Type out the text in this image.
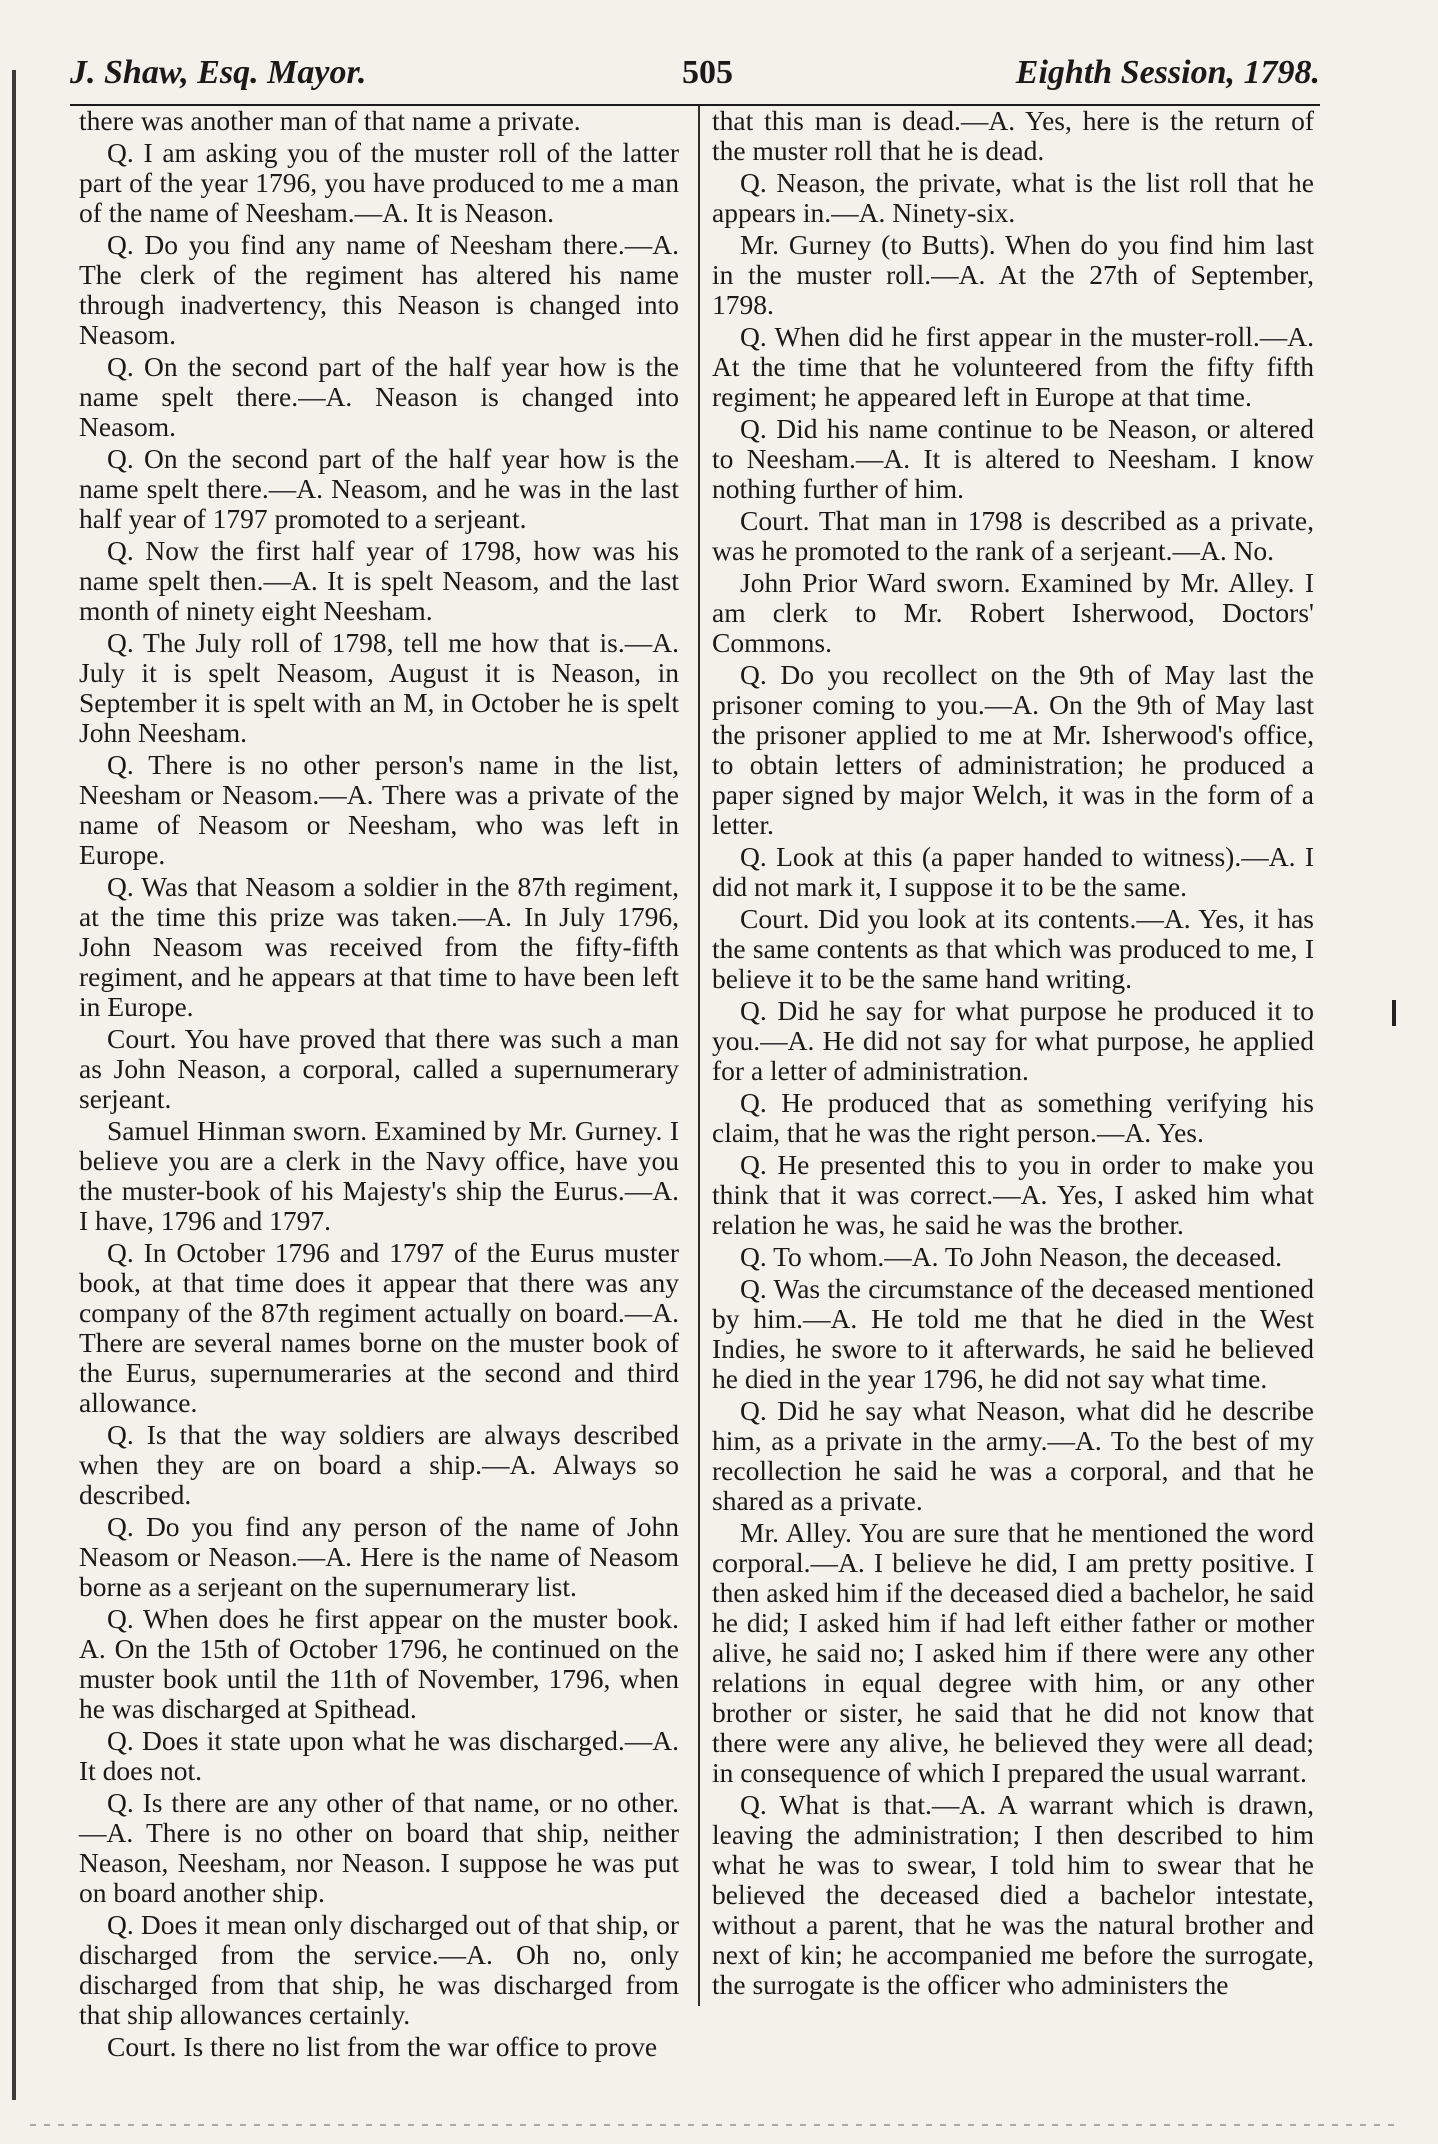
J. Shaw, Esq. Mayor.	505	Eighth Session, 1798.

there was another man of that name a private.

Q. I am asking you of the muster roll of the latter part of the year 1796, you have produced to me a man of the name of Neesham.—A. It is Neason.

Q. Do you find any name of Neesham there.—A. The clerk of the regiment has altered his name through inadvertency, this Neason is changed into Neasom.

Q. On the second part of the half year how is the name spelt there.—A. Neason is changed into Neasom.

Q. On the second part of the half year how is the name spelt there.—A. Neasom, and he was in the last half year of 1797 promoted to a serjeant.

Q. Now the first half year of 1798, how was his name spelt then.—A. It is spelt Neasom, and the last month of ninety eight Neesham.

Q. The July roll of 1798, tell me how that is.—A. July it is spelt Neasom, August it is Neason, in September it is spelt with an M, in October he is spelt John Neesham.

Q. There is no other person's name in the list, Neesham or Neasom.—A. There was a private of the name of Neasom or Neesham, who was left in Europe.

Q. Was that Neasom a soldier in the 87th regiment, at the time this prize was taken.—A. In July 1796, John Neasom was received from the fifty-fifth regiment, and he appears at that time to have been left in Europe.

Court. You have proved that there was such a man as John Neason, a corporal, called a supernumerary serjeant.

Samuel Hinman sworn. Examined by Mr. Gurney. I believe you are a clerk in the Navy office, have you the muster-book of his Majesty's ship the Eurus.—A. I have, 1796 and 1797.

Q. In October 1796 and 1797 of the Eurus muster book, at that time does it appear that there was any company of the 87th regiment actually on board.—A. There are several names borne on the muster book of the Eurus, supernumeraries at the second and third allowance.

Q. Is that the way soldiers are always described when they are on board a ship.—A. Always so described.

Q. Do you find any person of the name of John Neasom or Neason.—A. Here is the name of Neasom borne as a serjeant on the supernumerary list.

Q. When does he first appear on the muster book. A. On the 15th of October 1796, he continued on the muster book until the 11th of November, 1796, when he was discharged at Spithead.

Q. Does it state upon what he was discharged.—A. It does not.

Q. Is there are any other of that name, or no other.—A. There is no other on board that ship, neither Neason, Neesham, nor Neason. I suppose he was put on board another ship.

Q. Does it mean only discharged out of that ship, or discharged from the service.—A. Oh no, only discharged from that ship, he was discharged from that ship allowances certainly.

Court. Is there no list from the war office to prove

that this man is dead.—A. Yes, here is the return of the muster roll that he is dead.

Q. Neason, the private, what is the list roll that he appears in.—A. Ninety-six.

Mr. Gurney (to Butts). When do you find him last in the muster roll.—A. At the 27th of September, 1798.

Q. When did he first appear in the muster-roll.—A. At the time that he volunteered from the fifty fifth regiment; he appeared left in Europe at that time.

Q. Did his name continue to be Neason, or altered to Neesham.—A. It is altered to Neesham. I know nothing further of him.

Court. That man in 1798 is described as a private, was he promoted to the rank of a serjeant.—A. No.

John Prior Ward sworn. Examined by Mr. Alley. I am clerk to Mr. Robert Isherwood, Doctors' Commons.

Q. Do you recollect on the 9th of May last the prisoner coming to you.—A. On the 9th of May last the prisoner applied to me at Mr. Isherwood's office, to obtain letters of administration; he produced a paper signed by major Welch, it was in the form of a letter.

Q. Look at this (a paper handed to witness).—A. I did not mark it, I suppose it to be the same.

Court. Did you look at its contents.—A. Yes, it has the same contents as that which was produced to me, I believe it to be the same hand writing.

Q. Did he say for what purpose he produced it to you.—A. He did not say for what purpose, he applied for a letter of administration.

Q. He produced that as something verifying his claim, that he was the right person.—A. Yes.

Q. He presented this to you in order to make you think that it was correct.—A. Yes, I asked him what relation he was, he said he was the brother.

Q. To whom.—A. To John Neason, the deceased.

Q. Was the circumstance of the deceased mentioned by him.—A. He told me that he died in the West Indies, he swore to it afterwards, he said he believed he died in the year 1796, he did not say what time.

Q. Did he say what Neason, what did he describe him, as a private in the army.—A. To the best of my recollection he said he was a corporal, and that he shared as a private.

Mr. Alley. You are sure that he mentioned the word corporal.—A. I believe he did, I am pretty positive. I then asked him if the deceased died a bachelor, he said he did; I asked him if had left either father or mother alive, he said no; I asked him if there were any other relations in equal degree with him, or any other brother or sister, he said that he did not know that there were any alive, he believed they were all dead; in consequence of which I prepared the usual warrant.

Q. What is that.—A. A warrant which is drawn, leaving the administration; I then described to him what he was to swear, I told him to swear that he believed the deceased died a bachelor intestate, without a parent, that he was the natural brother and next of kin; he accompanied me before the surrogate, the surrogate is the officer who administers the
